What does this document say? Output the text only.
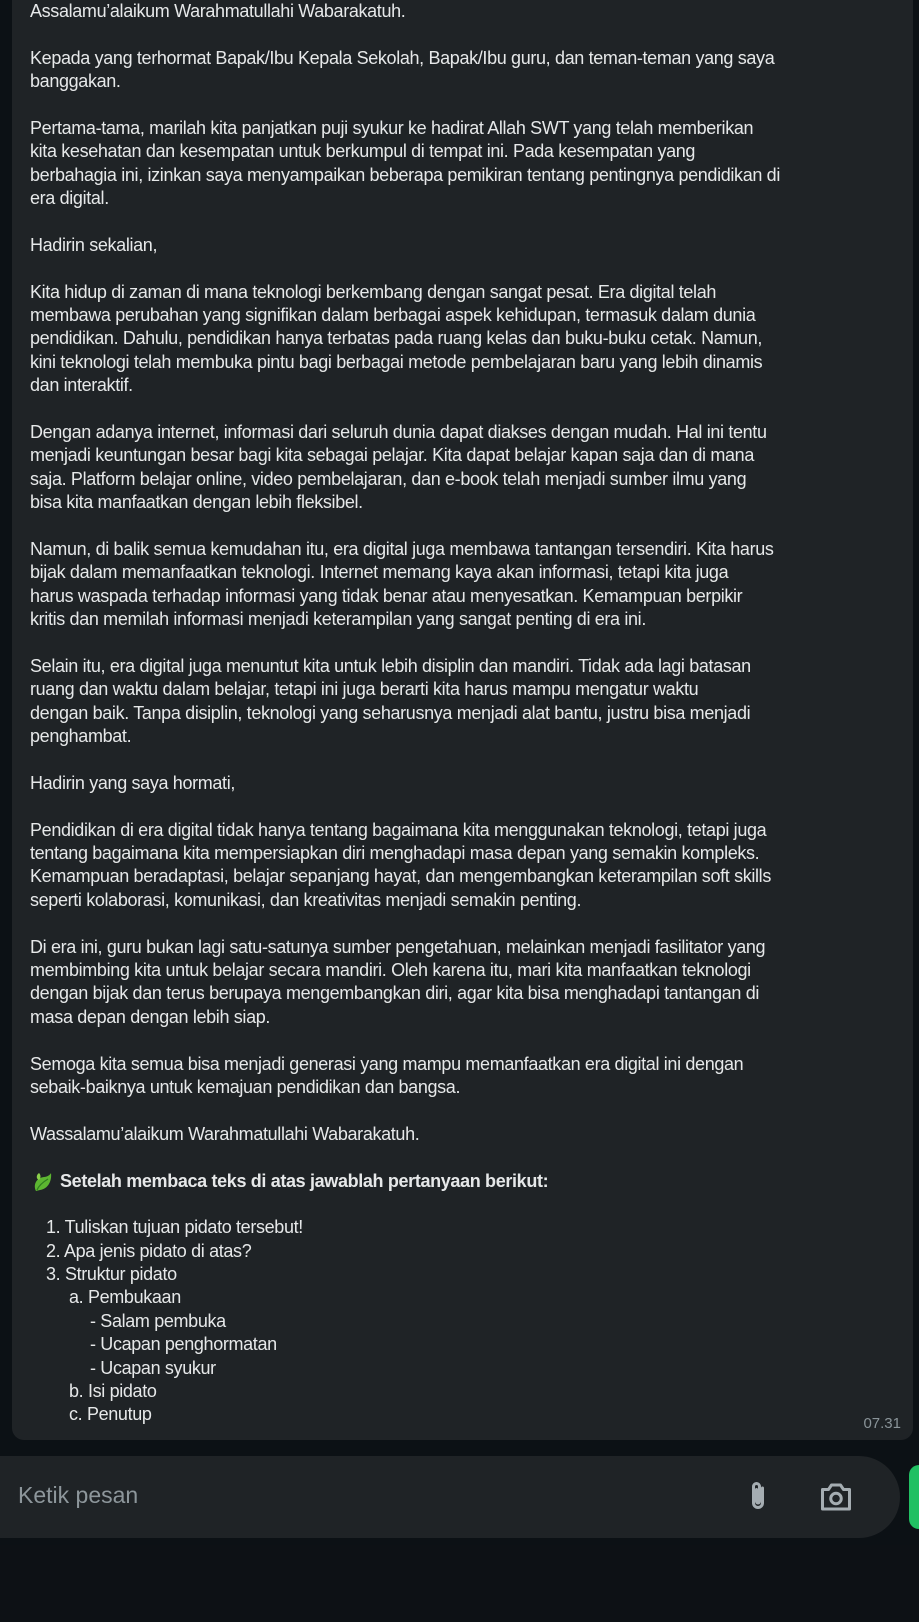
Assalamu’alaikum Warahmatullahi Wabarakatuh.
Kepada yang terhormat Bapak/Ibu Kepala Sekolah, Bapak/Ibu guru, dan teman-teman yang saya
banggakan.
Pertama-tama, marilah kita panjatkan puji syukur ke hadirat Allah SWT yang telah memberikan
kita kesehatan dan kesempatan untuk berkumpul di tempat ini. Pada kesempatan yang
berbahagia ini, izinkan saya menyampaikan beberapa pemikiran tentang pentingnya pendidikan di
era digital.
Hadirin sekalian,
Kita hidup di zaman di mana teknologi berkembang dengan sangat pesat. Era digital telah
membawa perubahan yang signifikan dalam berbagai aspek kehidupan, termasuk dalam dunia
pendidikan. Dahulu, pendidikan hanya terbatas pada ruang kelas dan buku-buku cetak. Namun,
kini teknologi telah membuka pintu bagi berbagai metode pembelajaran baru yang lebih dinamis
dan interaktif.
Dengan adanya internet, informasi dari seluruh dunia dapat diakses dengan mudah. Hal ini tentu
menjadi keuntungan besar bagi kita sebagai pelajar. Kita dapat belajar kapan saja dan di mana
saja. Platform belajar online, video pembelajaran, dan e-book telah menjadi sumber ilmu yang
bisa kita manfaatkan dengan lebih fleksibel.
Namun, di balik semua kemudahan itu, era digital juga membawa tantangan tersendiri. Kita harus
bijak dalam memanfaatkan teknologi. Internet memang kaya akan informasi, tetapi kita juga
harus waspada terhadap informasi yang tidak benar atau menyesatkan. Kemampuan berpikir
kritis dan memilah informasi menjadi keterampilan yang sangat penting di era ini.
Selain itu, era digital juga menuntut kita untuk lebih disiplin dan mandiri. Tidak ada lagi batasan
ruang dan waktu dalam belajar, tetapi ini juga berarti kita harus mampu mengatur waktu
dengan baik. Tanpa disiplin, teknologi yang seharusnya menjadi alat bantu, justru bisa menjadi
penghambat.
Hadirin yang saya hormati,
Pendidikan di era digital tidak hanya tentang bagaimana kita menggunakan teknologi, tetapi juga
tentang bagaimana kita mempersiapkan diri menghadapi masa depan yang semakin kompleks.
Kemampuan beradaptasi, belajar sepanjang hayat, dan mengembangkan keterampilan soft skills
seperti kolaborasi, komunikasi, dan kreativitas menjadi semakin penting.
Di era ini, guru bukan lagi satu-satunya sumber pengetahuan, melainkan menjadi fasilitator yang
membimbing kita untuk belajar secara mandiri. Oleh karena itu, mari kita manfaatkan teknologi
dengan bijak dan terus berupaya mengembangkan diri, agar kita bisa menghadapi tantangan di
masa depan dengan lebih siap.
Semoga kita semua bisa menjadi generasi yang mampu memanfaatkan era digital ini dengan
sebaik-baiknya untuk kemajuan pendidikan dan bangsa.
Wassalamu’alaikum Warahmatullahi Wabarakatuh.
Setelah membaca teks di atas jawablah pertanyaan berikut:
1. Tuliskan tujuan pidato tersebut!
2. Apa jenis pidato di atas?
3. Struktur pidato
a. Pembukaan
- Salam pembuka
- Ucapan penghormatan
- Ucapan syukur
b. Isi pidato
c. Penutup	07.31
Ketik pesan
